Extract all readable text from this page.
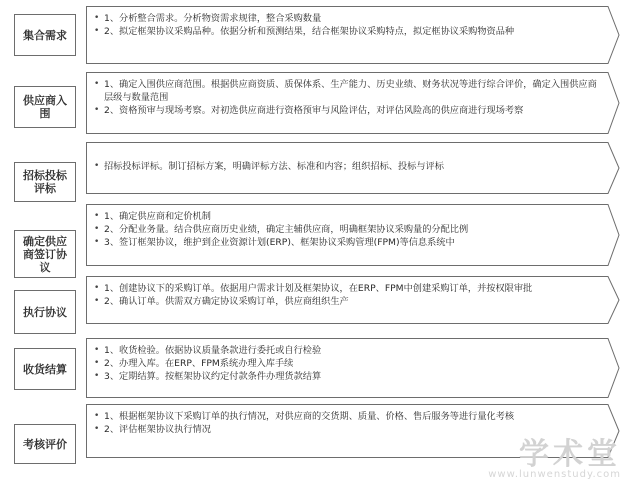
集合需求
• 1、分析整合需求。分析物资需求规律，整合采购数量
• 2、拟定框架协议采购品种。依据分析和预测结果，结合框架协议采购特点，拟定框协议采购物资品种
供应商入围
• 1、确定入围供应商范围。根据供应商资质、质保体系、生产能力、历史业绩、财务状况等进行综合评价，确定入围供应商层级与数量范围
• 2、资格预审与现场考察。对初选供应商进行资格预审与风险评估，对评估风险高的供应商进行现场考察
招标投标评标
• 招标投标评标。制订招标方案，明确评标方法、标准和内容；组织招标、投标与评标
确定供应商签订协议
• 1、确定供应商和定价机制
• 2、分配业务量。结合供应商历史业绩，确定主辅供应商，明确框架协议采购量的分配比例
• 3、签订框架协议，维护到企业资源计划(ERP)、框架协议采购管理(FPM)等信息系统中
执行协议
• 1、创建协议下的采购订单。依据用户需求计划及框架协议，在ERP、FPM中创建采购订单，并按权限审批
• 2、确认订单。供需双方确定协议采购订单，供应商组织生产
收货结算
• 1、收货检验。依据协议质量条款进行委托或自行检验
• 2、办理入库。在ERP、FPM系统办理入库手续
• 3、定期结算。按框架协议约定付款条件办理货款结算
考核评价
• 1、根据框架协议下采购订单的执行情况，对供应商的交货期、质量、价格、售后服务等进行量化考核
• 2、评估框架协议执行情况
学术堂
www.lunwenstudy.com
